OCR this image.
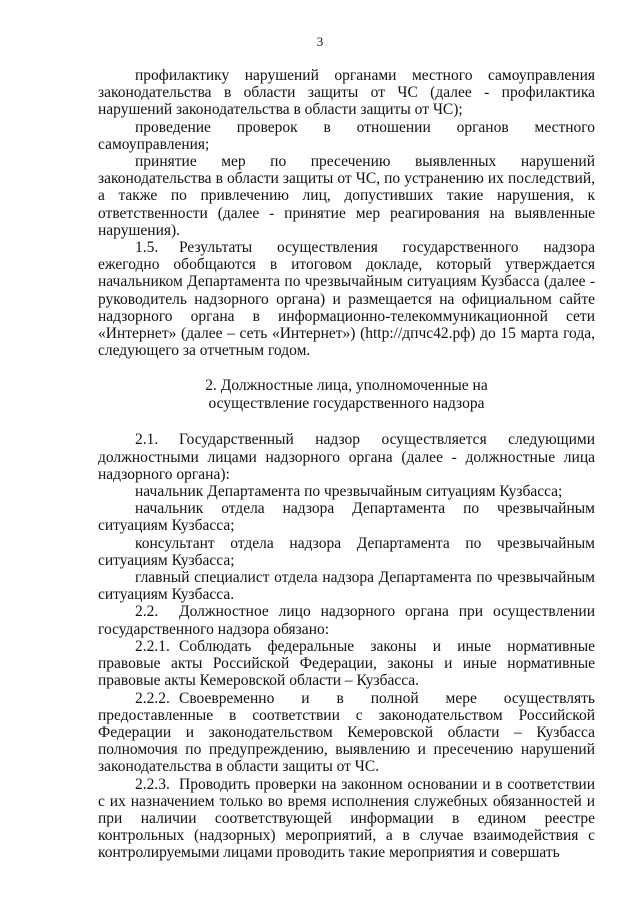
3

профилактику нарушений органами местного самоуправления законодательства в области защиты от ЧС (далее - профилактика нарушений законодательства в области защиты от ЧС);

проведение проверок в отношении органов местного самоуправления;

принятие мер по пресечению выявленных нарушений законодательства в области защиты от ЧС, по устранению их последствий, а также по привлечению лиц, допустивших такие нарушения, к ответственности (далее - принятие мер реагирования на выявленные нарушения).

1.5. Результаты осуществления государственного надзора ежегодно обобщаются в итоговом докладе, который утверждается начальником Департамента по чрезвычайным ситуациям Кузбасса (далее - руководитель надзорного органа) и размещается на официальном сайте надзорного органа в информационно-телекоммуникационной сети «Интернет» (далее – сеть «Интернет») (http://дпчс42.рф) до 15 марта года, следующего за отчетным годом.

2. Должностные лица, уполномоченные на
осуществление государственного надзора

2.1. Государственный надзор осуществляется следующими должностными лицами надзорного органа (далее - должностные лица надзорного органа):

начальник Департамента по чрезвычайным ситуациям Кузбасса;

начальник отдела надзора Департамента по чрезвычайным ситуациям Кузбасса;

консультант отдела надзора Департамента по чрезвычайным ситуациям Кузбасса;

главный специалист отдела надзора Департамента по чрезвычайным ситуациям Кузбасса.

2.2. Должностное лицо надзорного органа при осуществлении государственного надзора обязано:

2.2.1. Соблюдать федеральные законы и иные нормативные правовые акты Российской Федерации, законы и иные нормативные правовые акты Кемеровской области – Кузбасса.

2.2.2. Своевременно и в полной мере осуществлять предоставленные в соответствии с законодательством Российской Федерации и законодательством Кемеровской области – Кузбасса полномочия по предупреждению, выявлению и пресечению нарушений законодательства в области защиты от ЧС.

2.2.3. Проводить проверки на законном основании и в соответствии с их назначением только во время исполнения служебных обязанностей и при наличии соответствующей информации в едином реестре контрольных (надзорных) мероприятий, а в случае взаимодействия с контролируемыми лицами проводить такие мероприятия и совершать
